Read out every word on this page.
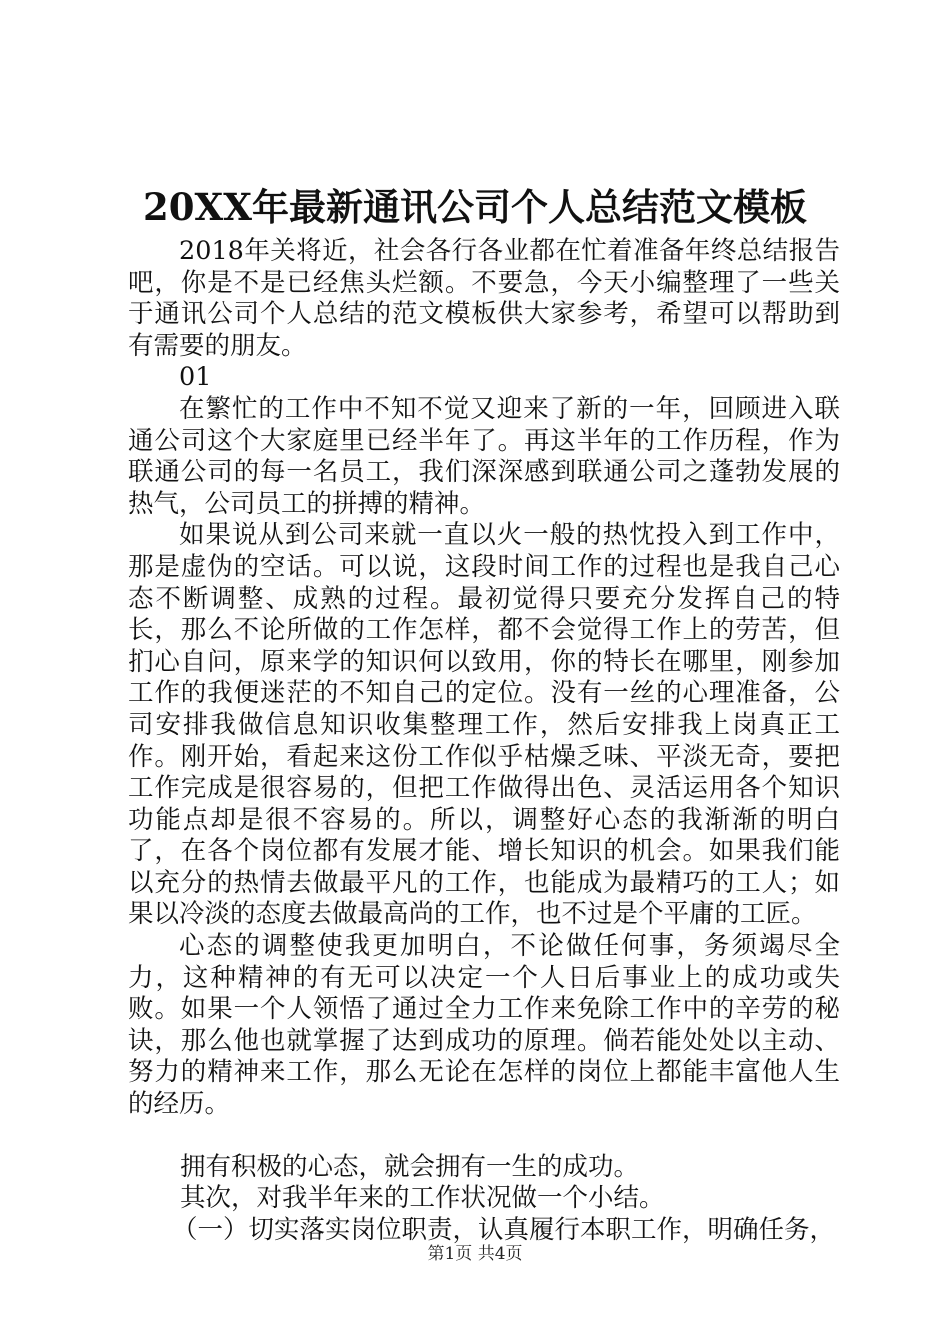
20XX年最新通讯公司个人总结范文模板

2018年关将近，社会各行各业都在忙着准备年终总结报告吧，你是不是已经焦头烂额。不要急，今天小编整理了一些关于通讯公司个人总结的范文模板供大家参考，希望可以帮助到有需要的朋友。

01

在繁忙的工作中不知不觉又迎来了新的一年，回顾进入联通公司这个大家庭里已经半年了。再这半年的工作历程，作为联通公司的每一名员工，我们深深感到联通公司之蓬勃发展的热气，公司员工的拼搏的精神。

如果说从到公司来就一直以火一般的热忱投入到工作中，那是虚伪的空话。可以说，这段时间工作的过程也是我自己心态不断调整、成熟的过程。最初觉得只要充分发挥自己的特长，那么不论所做的工作怎样，都不会觉得工作上的劳苦，但扪心自问，原来学的知识何以致用，你的特长在哪里，刚参加工作的我便迷茫的不知自己的定位。没有一丝的心理准备，公司安排我做信息知识收集整理工作，然后安排我上岗真正工作。刚开始，看起来这份工作似乎枯燥乏味、平淡无奇，要把工作完成是很容易的，但把工作做得出色、灵活运用各个知识功能点却是很不容易的。所以，调整好心态的我渐渐的明白了，在各个岗位都有发展才能、增长知识的机会。如果我们能以充分的热情去做最平凡的工作，也能成为最精巧的工人；如果以冷淡的态度去做最高尚的工作，也不过是个平庸的工匠。

心态的调整使我更加明白，不论做任何事，务须竭尽全力，这种精神的有无可以决定一个人日后事业上的成功或失败。如果一个人领悟了通过全力工作来免除工作中的辛劳的秘诀，那么他也就掌握了达到成功的原理。倘若能处处以主动、努力的精神来工作，那么无论在怎样的岗位上都能丰富他人生的经历。

拥有积极的心态，就会拥有一生的成功。

其次，对我半年来的工作状况做一个小结。

（一）切实落实岗位职责，认真履行本职工作，明确任务，

第1页 共4页
